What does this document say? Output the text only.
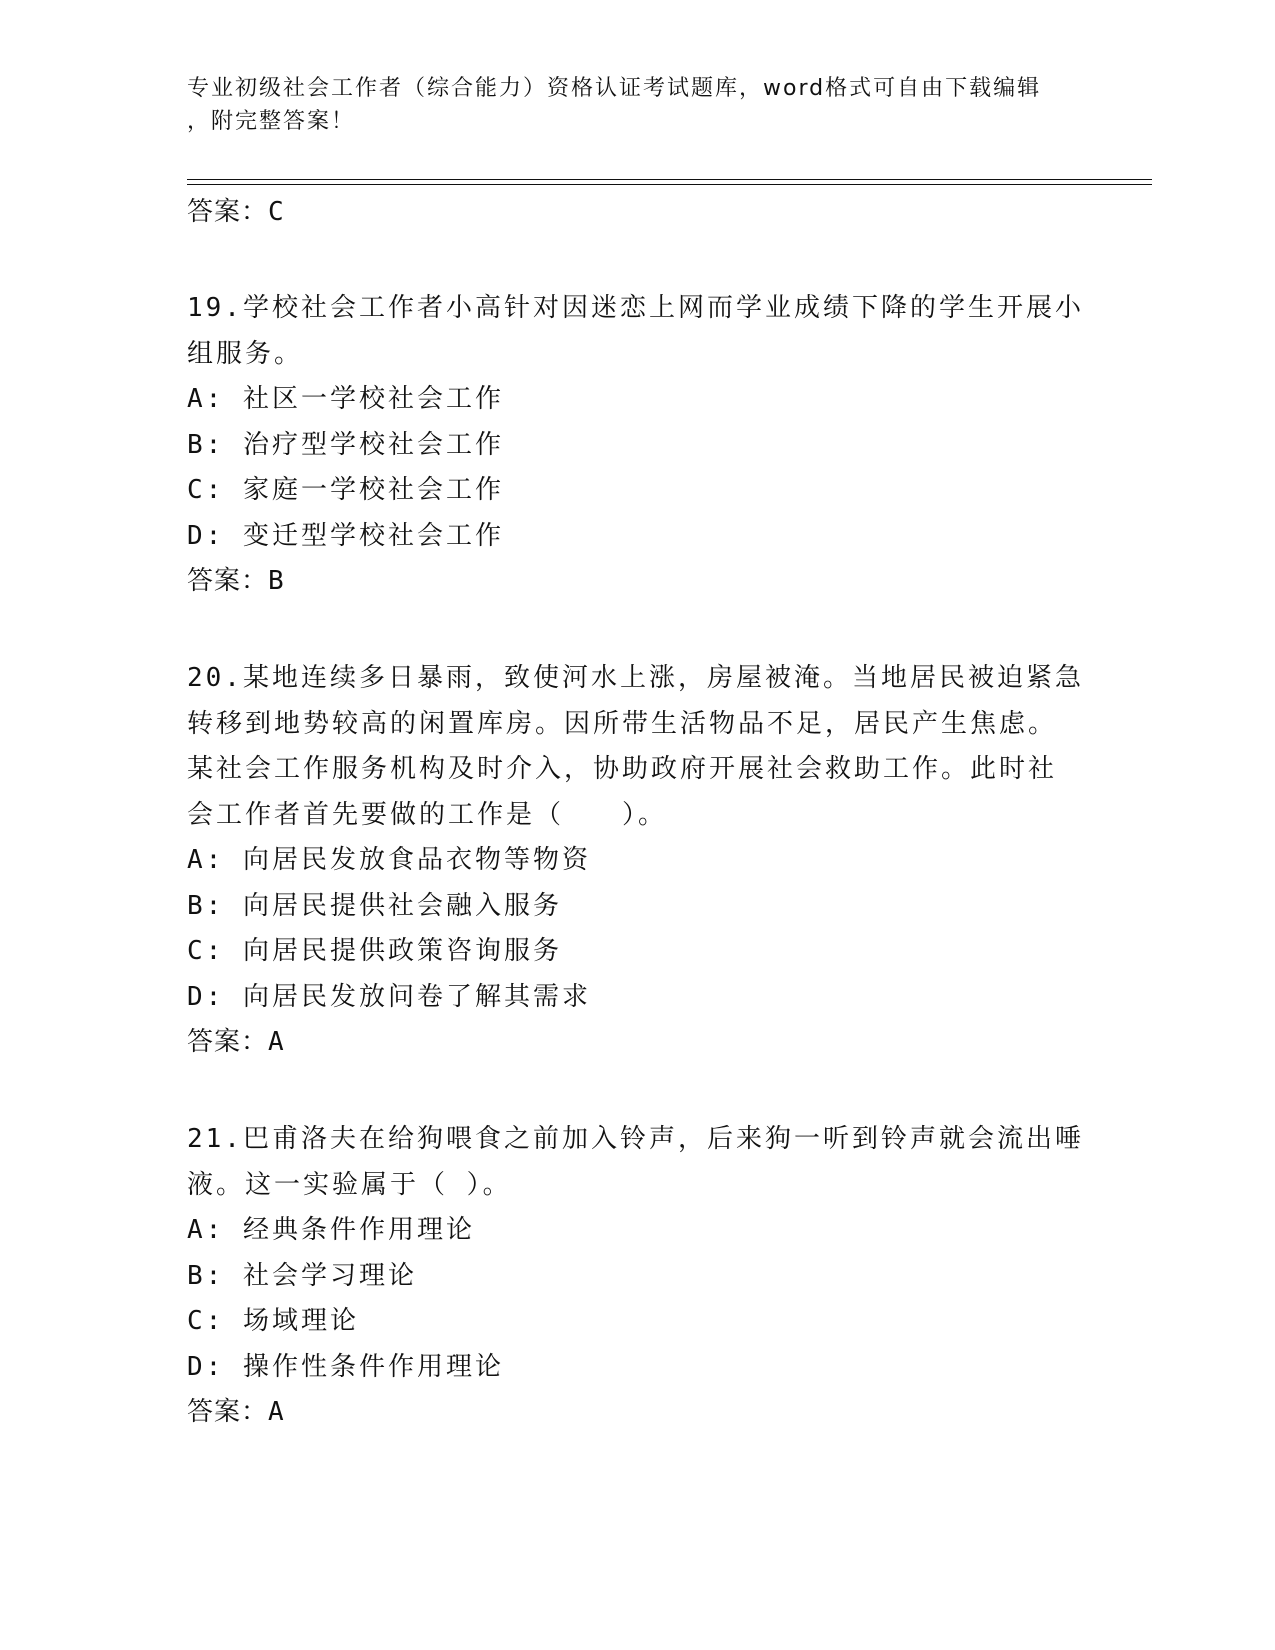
专业初级社会工作者（综合能力）资格认证考试题库，word格式可自由下载编辑
，附完整答案！
答案：C
19.学校社会工作者小高针对因迷恋上网而学业成绩下降的学生开展小
组服务。
A: 社区一学校社会工作
B: 治疗型学校社会工作
C: 家庭一学校社会工作
D: 变迁型学校社会工作
答案：B
20.某地连续多日暴雨，致使河水上涨，房屋被淹。当地居民被迫紧急
转移到地势较高的闲置库房。因所带生活物品不足，居民产生焦虑。
某社会工作服务机构及时介入，协助政府开展社会救助工作。此时社
会工作者首先要做的工作是（　　）。
A: 向居民发放食品衣物等物资
B: 向居民提供社会融入服务
C: 向居民提供政策咨询服务
D: 向居民发放问卷了解其需求
答案：A
21.巴甫洛夫在给狗喂食之前加入铃声，后来狗一听到铃声就会流出唾
液。这一实验属于（ ）。
A: 经典条件作用理论
B: 社会学习理论
C: 场域理论
D: 操作性条件作用理论
答案：A
